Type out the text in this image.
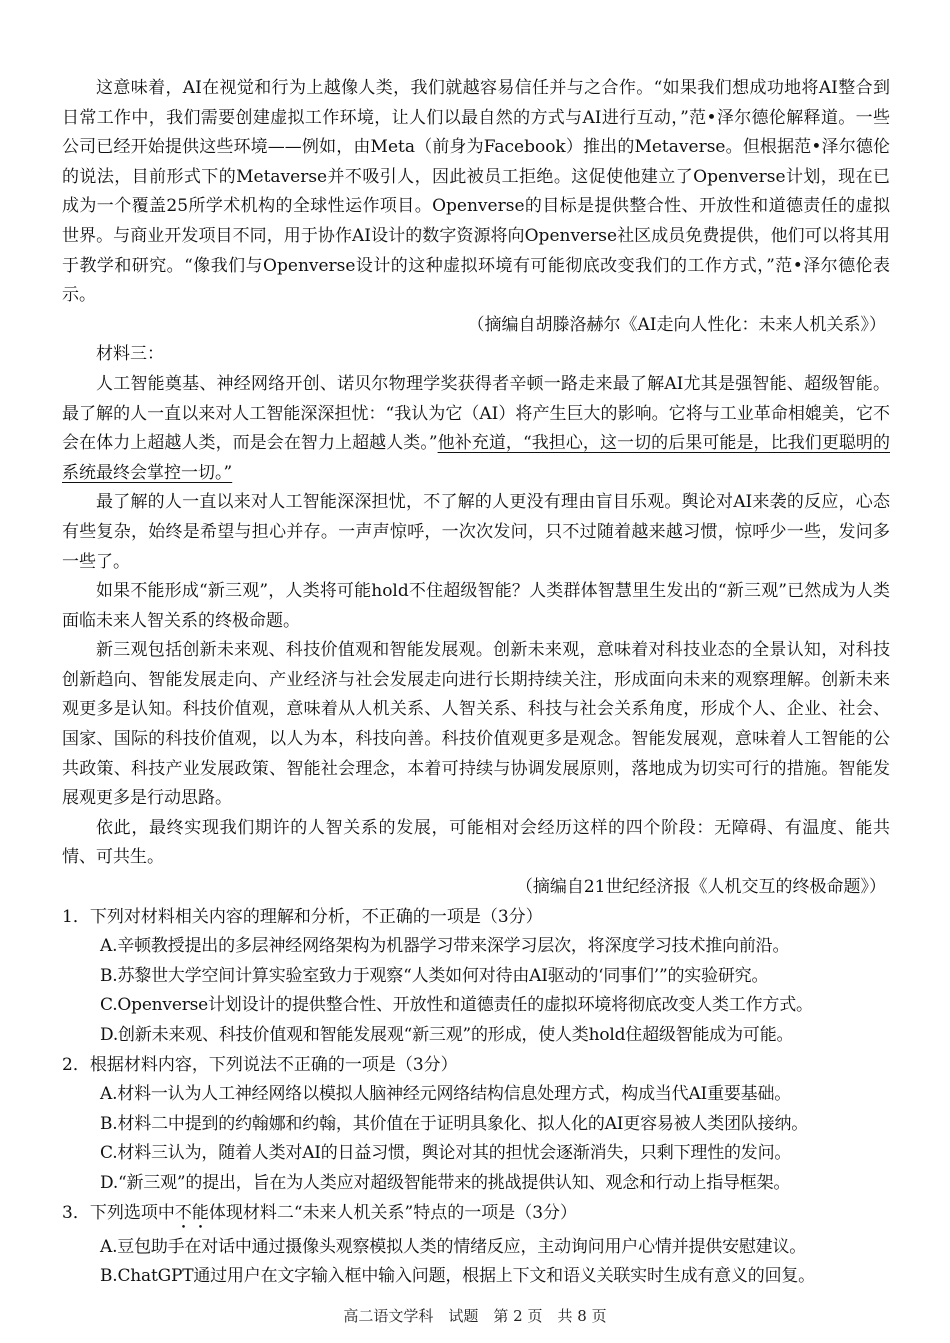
这意味着，AI在视觉和行为上越像人类，我们就越容易信任并与之合作。“如果我们想成功地将AI整合到日常工作中，我们需要创建虚拟工作环境，让人们以最自然的方式与AI进行互动，”范•泽尔德伦解释道。一些公司已经开始提供这些环境——例如，由Meta（前身为Facebook）推出的Metaverse。但根据范•泽尔德伦的说法，目前形式下的Metaverse并不吸引人，因此被员工拒绝。这促使他建立了Openverse计划，现在已成为一个覆盖25所学术机构的全球性运作项目。Openverse的目标是提供整合性、开放性和道德责任的虚拟世界。与商业开发项目不同，用于协作AI设计的数字资源将向Openverse社区成员免费提供，他们可以将其用于教学和研究。“像我们与Openverse设计的这种虚拟环境有可能彻底改变我们的工作方式，”范•泽尔德伦表示。

（摘编自胡滕洛赫尔《AI走向人性化：未来人机关系》）

材料三：

人工智能奠基、神经网络开创、诺贝尔物理学奖获得者辛顿一路走来最了解AI尤其是强智能、超级智能。最了解的人一直以来对人工智能深深担忧：“我认为它（AI）将产生巨大的影响。它将与工业革命相媲美，它不会在体力上超越人类，而是会在智力上超越人类。”他补充道，“我担心，这一切的后果可能是，比我们更聪明的系统最终会掌控一切。”

最了解的人一直以来对人工智能深深担忧，不了解的人更没有理由盲目乐观。舆论对AI来袭的反应，心态有些复杂，始终是希望与担心并存。一声声惊呼，一次次发问，只不过随着越来越习惯，惊呼少一些，发问多一些了。

如果不能形成“新三观”，人类将可能hold不住超级智能？人类群体智慧里生发出的“新三观”已然成为人类面临未来人智关系的终极命题。

新三观包括创新未来观、科技价值观和智能发展观。创新未来观，意味着对科技业态的全景认知，对科技创新趋向、智能发展走向、产业经济与社会发展走向进行长期持续关注，形成面向未来的观察理解。创新未来观更多是认知。科技价值观，意味着从人机关系、人智关系、科技与社会关系角度，形成个人、企业、社会、国家、国际的科技价值观，以人为本，科技向善。科技价值观更多是观念。智能发展观，意味着人工智能的公共政策、科技产业发展政策、智能社会理念，本着可持续与协调发展原则，落地成为切实可行的措施。智能发展观更多是行动思路。

依此，最终实现我们期许的人智关系的发展，可能相对会经历这样的四个阶段：无障碍、有温度、能共情、可共生。

（摘编自21世纪经济报《人机交互的终极命题》）

1．下列对材料相关内容的理解和分析，不正确的一项是（3分）

A.辛顿教授提出的多层神经网络架构为机器学习带来深学习层次，将深度学习技术推向前沿。

B.苏黎世大学空间计算实验室致力于观察“人类如何对待由AI驱动的‘同事们’”的实验研究。

C.Openverse计划设计的提供整合性、开放性和道德责任的虚拟环境将彻底改变人类工作方式。

D.创新未来观、科技价值观和智能发展观“新三观”的形成，使人类hold住超级智能成为可能。

2．根据材料内容，下列说法不正确的一项是（3分）

A.材料一认为人工神经网络以模拟人脑神经元网络结构信息处理方式，构成当代AI重要基础。

B.材料二中提到的约翰娜和约翰，其价值在于证明具象化、拟人化的AI更容易被人类团队接纳。

C.材料三认为，随着人类对AI的日益习惯，舆论对其的担忧会逐渐消失，只剩下理性的发问。

D.“新三观”的提出，旨在为人类应对超级智能带来的挑战提供认知、观念和行动上指导框架。

3．下列选项中不能体现材料二“未来人机关系”特点的一项是（3分）

A.豆包助手在对话中通过摄像头观察模拟人类的情绪反应，主动询问用户心情并提供安慰建议。

B.ChatGPT通过用户在文字输入框中输入问题，根据上下文和语义关联实时生成有意义的回复。

高二语文学科　试题　第 2 页　共 8 页
